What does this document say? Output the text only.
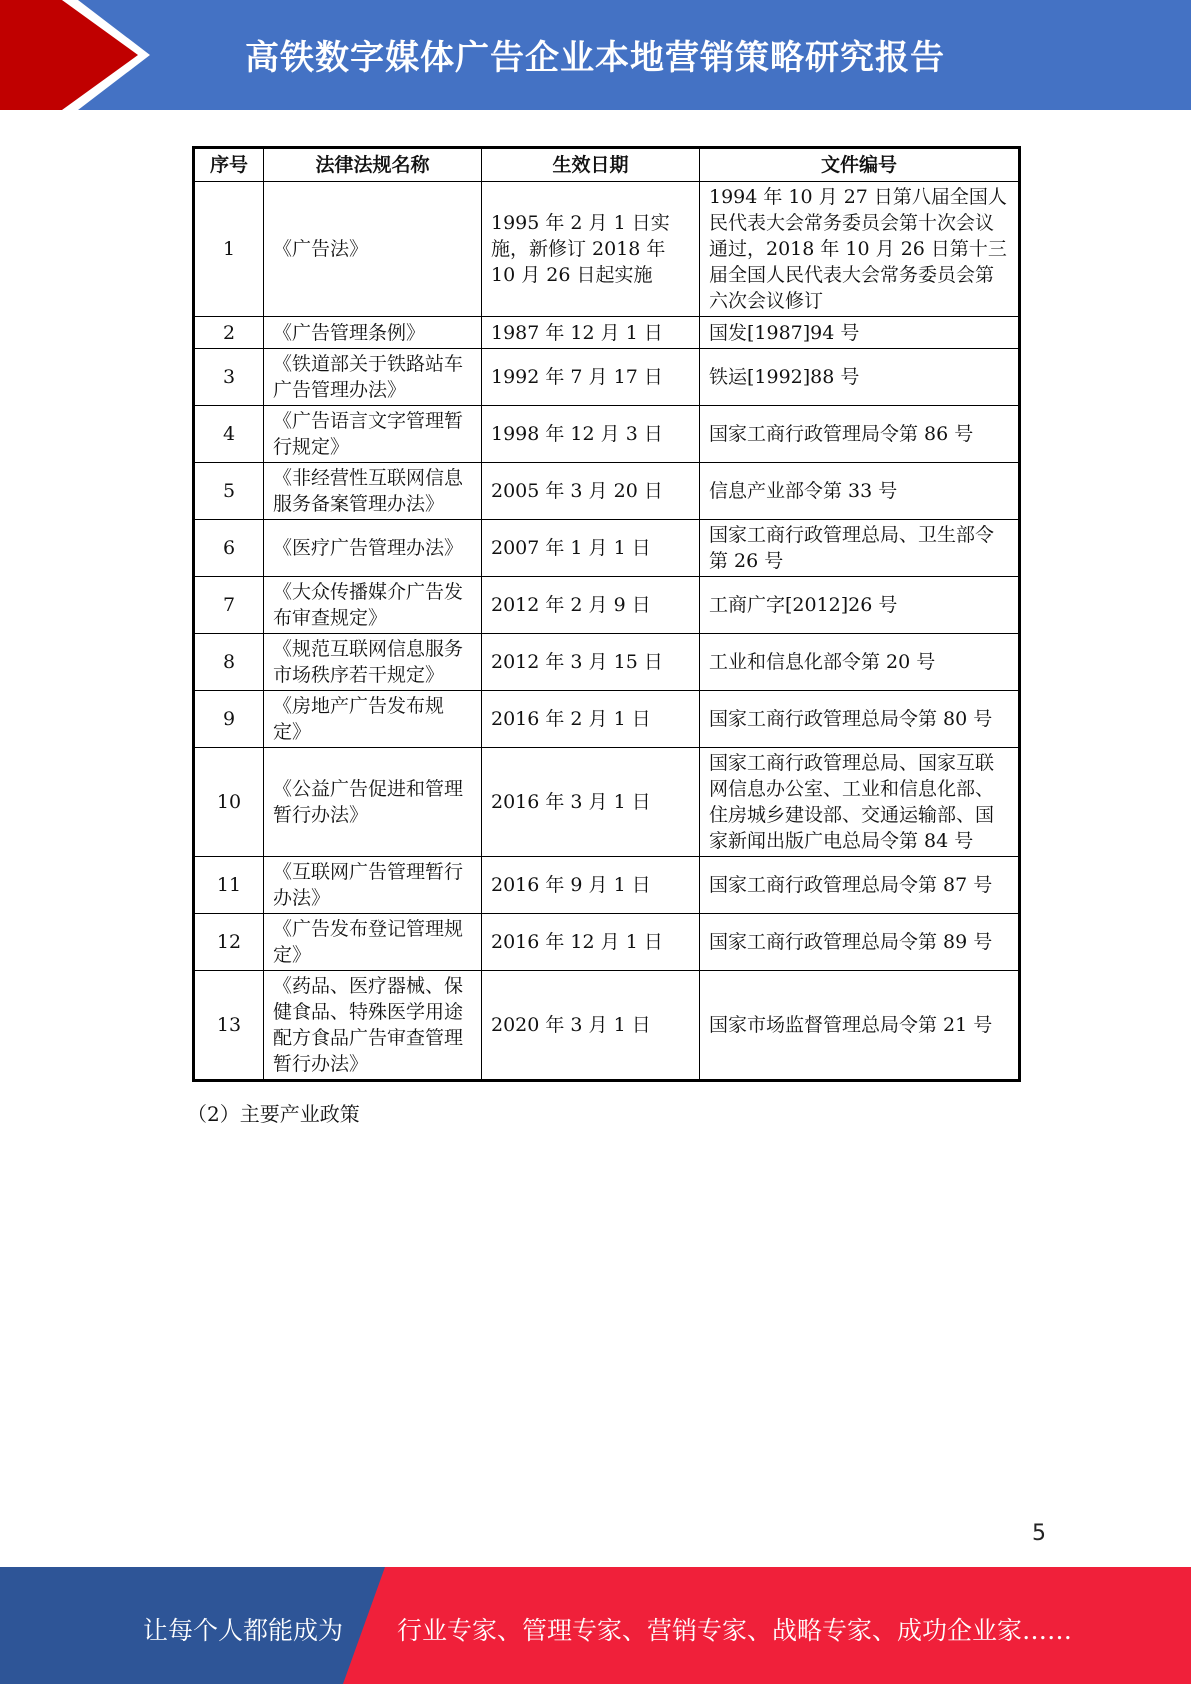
高铁数字媒体广告企业本地营销策略研究报告
序号	法律法规名称	生效日期	文件编号
1	《广告法》	1995 年 2 月 1 日实施，新修订 2018 年 10 月 26 日起实施	1994 年 10 月 27 日第八届全国人民代表大会常务委员会第十次会议通过，2018 年 10 月 26 日第十三届全国人民代表大会常务委员会第六次会议修订
2	《广告管理条例》	1987 年 12 月 1 日	国发[1987]94 号
3	《铁道部关于铁路站车广告管理办法》	1992 年 7 月 17 日	铁运[1992]88 号
4	《广告语言文字管理暂行规定》	1998 年 12 月 3 日	国家工商行政管理局令第 86 号
5	《非经营性互联网信息服务备案管理办法》	2005 年 3 月 20 日	信息产业部令第 33 号
6	《医疗广告管理办法》	2007 年 1 月 1 日	国家工商行政管理总局、卫生部令第 26 号
7	《大众传播媒介广告发布审查规定》	2012 年 2 月 9 日	工商广字[2012]26 号
8	《规范互联网信息服务市场秩序若干规定》	2012 年 3 月 15 日	工业和信息化部令第 20 号
9	《房地产广告发布规定》	2016 年 2 月 1 日	国家工商行政管理总局令第 80 号
10	《公益广告促进和管理暂行办法》	2016 年 3 月 1 日	国家工商行政管理总局、国家互联网信息办公室、工业和信息化部、住房城乡建设部、交通运输部、国家新闻出版广电总局令第 84 号
11	《互联网广告管理暂行办法》	2016 年 9 月 1 日	国家工商行政管理总局令第 87 号
12	《广告发布登记管理规定》	2016 年 12 月 1 日	国家工商行政管理总局令第 89 号
13	《药品、医疗器械、保健食品、特殊医学用途配方食品广告审查管理暂行办法》	2020 年 3 月 1 日	国家市场监督管理总局令第 21 号
（2）主要产业政策
5
让每个人都能成为 行业专家、管理专家、营销专家、战略专家、成功企业家……
